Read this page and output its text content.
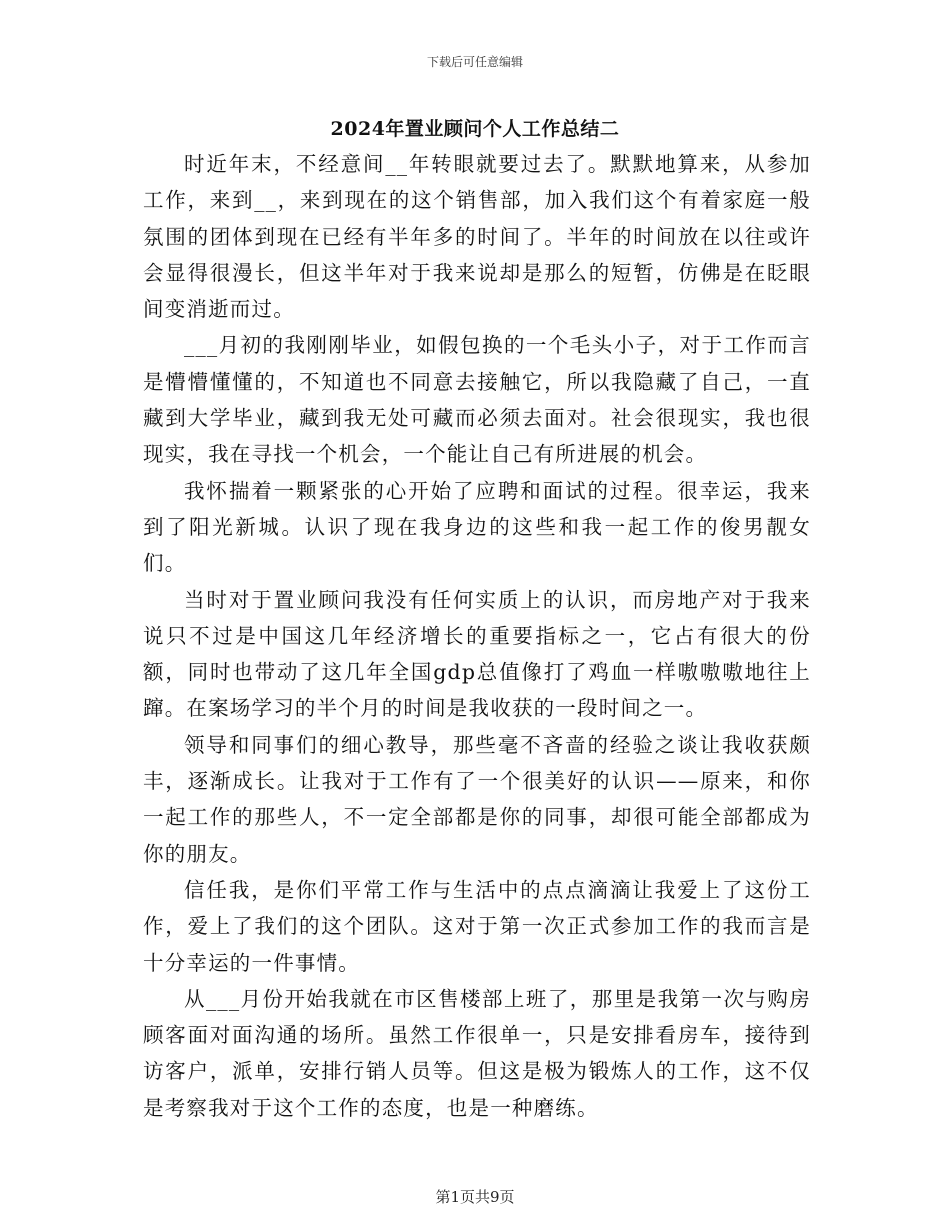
下载后可任意编辑
2024年置业顾问个人工作总结二

时近年末，不经意间__年转眼就要过去了。默默地算来，从参加工作，来到__，来到现在的这个销售部，加入我们这个有着家庭一般氛围的团体到现在已经有半年多的时间了。半年的时间放在以往或许会显得很漫长，但这半年对于我来说却是那么的短暂，仿佛是在眨眼间变消逝而过。

___月初的我刚刚毕业，如假包换的一个毛头小子，对于工作而言是懵懵懂懂的，不知道也不同意去接触它，所以我隐藏了自己，一直藏到大学毕业，藏到我无处可藏而必须去面对。社会很现实，我也很现实，我在寻找一个机会，一个能让自己有所进展的机会。

我怀揣着一颗紧张的心开始了应聘和面试的过程。很幸运，我来到了阳光新城。认识了现在我身边的这些和我一起工作的俊男靓女们。

当时对于置业顾问我没有任何实质上的认识，而房地产对于我来说只不过是中国这几年经济增长的重要指标之一，它占有很大的份额，同时也带动了这几年全国gdp总值像打了鸡血一样嗷嗷嗷地往上蹿。在案场学习的半个月的时间是我收获的一段时间之一。

领导和同事们的细心教导，那些毫不吝啬的经验之谈让我收获颇丰，逐渐成长。让我对于工作有了一个很美好的认识——原来，和你一起工作的那些人，不一定全部都是你的同事，却很可能全部都成为你的朋友。

信任我，是你们平常工作与生活中的点点滴滴让我爱上了这份工作，爱上了我们的这个团队。这对于第一次正式参加工作的我而言是十分幸运的一件事情。

从___月份开始我就在市区售楼部上班了，那里是我第一次与购房顾客面对面沟通的场所。虽然工作很单一，只是安排看房车，接待到访客户，派单，安排行销人员等。但这是极为锻炼人的工作，这不仅是考察我对于这个工作的态度，也是一种磨练。

第1页共9页
